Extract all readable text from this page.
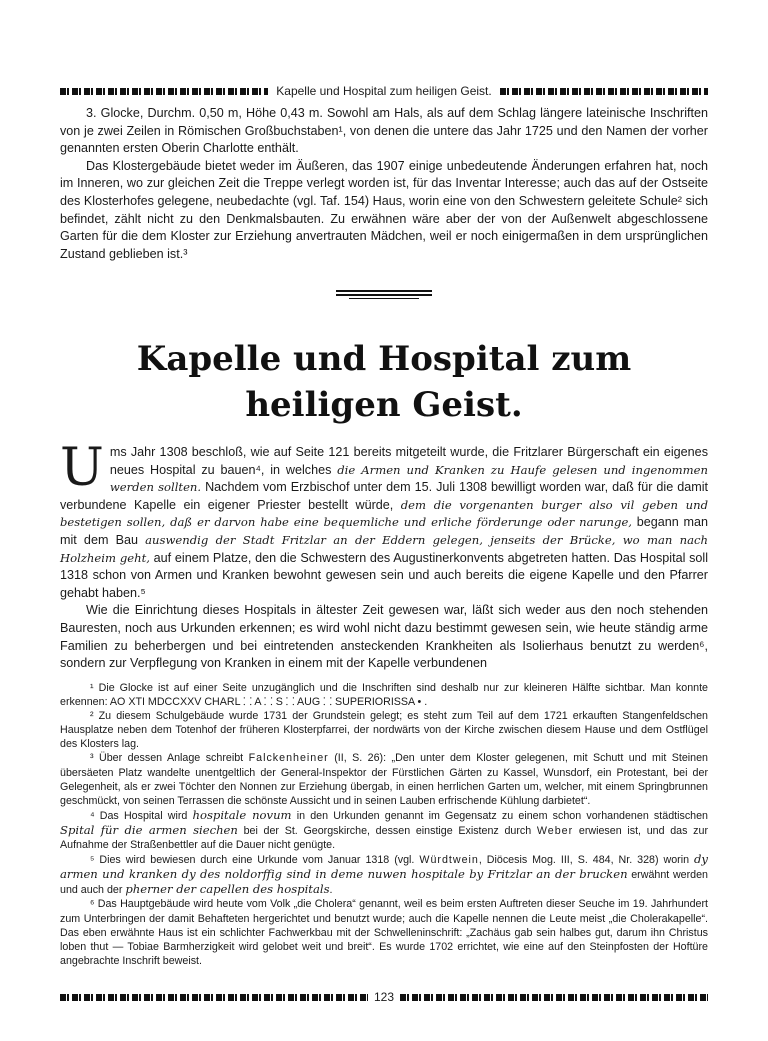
Kapelle und Hospital zum heiligen Geist.

3. Glocke, Durchm. 0,50 m, Höhe 0,43 m. Sowohl am Hals, als auf dem Schlag längere lateinische Inschriften von je zwei Zeilen in Römischen Großbuchstaben¹, von denen die untere das Jahr 1725 und den Namen der vorher genannten ersten Oberin Charlotte enthält.

Das Klostergebäude bietet weder im Äußeren, das 1907 einige unbedeutende Änderungen erfahren hat, noch im Inneren, wo zur gleichen Zeit die Treppe verlegt worden ist, für das Inventar Interesse; auch das auf der Ostseite des Klosterhofes gelegene, neubedachte (vgl. Taf. 154) Haus, worin eine von den Schwestern geleitete Schule² sich befindet, zählt nicht zu den Denkmalsbauten. Zu erwähnen wäre aber der von der Außenwelt abgeschlossene Garten für die dem Kloster zur Erziehung anvertrauten Mädchen, weil er noch einigermaßen in dem ursprünglichen Zustand geblieben ist.³

Kapelle und Hospital zum heiligen Geist.

Ums Jahr 1308 beschloß, wie auf Seite 121 bereits mitgeteilt wurde, die Fritzlarer Bürgerschaft ein eigenes neues Hospital zu bauen⁴, in welches die Armen und Kranken zu Haufe gelesen und ingenommen werden sollten. Nachdem vom Erzbischof unter dem 15. Juli 1308 bewilligt worden war, daß für die damit verbundene Kapelle ein eigener Priester bestellt würde, dem die vorgenanten burger also vil geben und bestetigen sollen, daß er darvon habe eine bequemliche und erliche förderunge oder narunge, begann man mit dem Bau auswendig der Stadt Fritzlar an der Eddern gelegen, jenseits der Brücke, wo man nach Holzheim geht, auf einem Platze, den die Schwestern des Augustinerkonvents abgetreten hatten. Das Hospital soll 1318 schon von Armen und Kranken bewohnt gewesen sein und auch bereits die eigene Kapelle und den Pfarrer gehabt haben.⁵

Wie die Einrichtung dieses Hospitals in ältester Zeit gewesen war, läßt sich weder aus den noch stehenden Bauresten, noch aus Urkunden erkennen; es wird wohl nicht dazu bestimmt gewesen sein, wie heute ständig arme Familien zu beherbergen und bei eintretenden ansteckenden Krankheiten als Isolierhaus benutzt zu werden⁶, sondern zur Verpflegung von Kranken in einem mit der Kapelle verbundenen

¹ Die Glocke ist auf einer Seite unzugänglich und die Inschriften sind deshalb nur zur kleineren Hälfte sichtbar. Man konnte erkennen: AO XTI MDCCXXV CHARL ⸬ A ⸬ S ⸬ AUG ⸬ SUPERIORISSA • .

² Zu diesem Schulgebäude wurde 1731 der Grundstein gelegt; es steht zum Teil auf dem 1721 erkauften Stangenfeldschen Hausplatze neben dem Totenhof der früheren Klosterpfarrei, der nordwärts von der Kirche zwischen diesem Hause und dem Ostflügel des Klosters lag.

³ Über dessen Anlage schreibt Falckenheiner (II, S. 26): „Den unter dem Kloster gelegenen, mit Schutt und mit Steinen übersäeten Platz wandelte unentgeltlich der General-Inspektor der Fürstlichen Gärten zu Kassel, Wunsdorf, ein Protestant, bei der Gelegenheit, als er zwei Töchter den Nonnen zur Erziehung übergab, in einen herrlichen Garten um, welcher, mit einem Springbrunnen geschmückt, von seinen Terrassen die schönste Aussicht und in seinen Lauben erfrischende Kühlung darbietet“.

⁴ Das Hospital wird hospitale novum in den Urkunden genannt im Gegensatz zu einem schon vorhandenen städtischen Spital für die armen siechen bei der St. Georgskirche, dessen einstige Existenz durch Weber erwiesen ist, und das zur Aufnahme der Straßenbettler auf die Dauer nicht genügte.

⁵ Dies wird bewiesen durch eine Urkunde vom Januar 1318 (vgl. Würdtwein, Diöcesis Mog. III, S. 484, Nr. 328) worin dy armen und kranken dy des noldorffig sind in deme nuwen hospitale by Fritzlar an der brucken erwähnt werden und auch der pherner der capellen des hospitals.

⁶ Das Hauptgebäude wird heute vom Volk „die Cholera“ genannt, weil es beim ersten Auftreten dieser Seuche im 19. Jahrhundert zum Unterbringen der damit Behafteten hergerichtet und benutzt wurde; auch die Kapelle nennen die Leute meist „die Cholerakapelle“. Das eben erwähnte Haus ist ein schlichter Fachwerkbau mit der Schwelleninschrift: „Zachäus gab sein halbes gut, darum ihn Christus loben thut — Tobiae Barmherzigkeit wird gelobet weit und breit“. Es wurde 1702 errichtet, wie eine auf den Steinpfosten der Hoftüre angebrachte Inschrift beweist.

123
